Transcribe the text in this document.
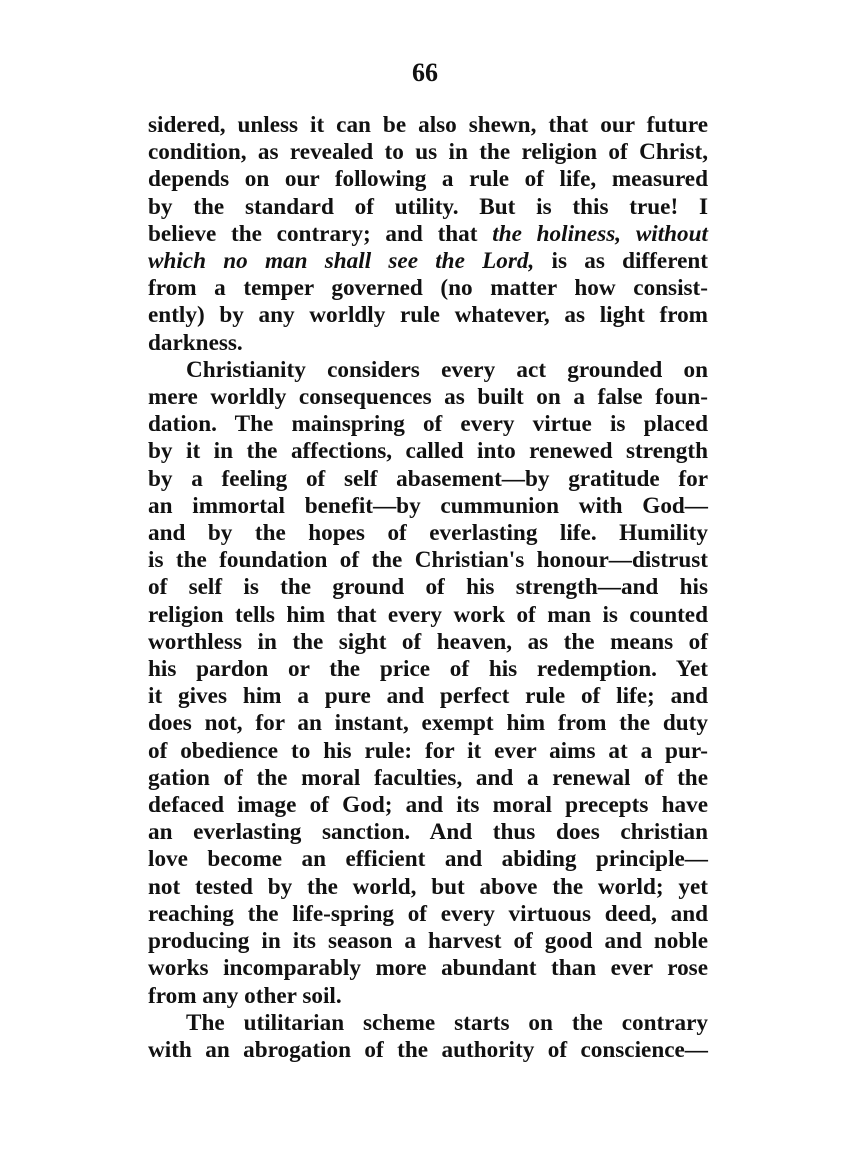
66

sidered, unless it can be also shewn, that our future
condition, as revealed to us in the religion of Christ,
depends on our following a rule of life, measured
by the standard of utility. But is this true! I
believe the contrary; and that the holiness, without
which no man shall see the Lord, is as different
from a temper governed (no matter how consist-
ently) by any worldly rule whatever, as light from
darkness.

Christianity considers every act grounded on
mere worldly consequences as built on a false foun-
dation. The mainspring of every virtue is placed
by it in the affections, called into renewed strength
by a feeling of self abasement—by gratitude for
an immortal benefit—by cummunion with God—
and by the hopes of everlasting life. Humility
is the foundation of the Christian's honour—distrust
of self is the ground of his strength—and his
religion tells him that every work of man is counted
worthless in the sight of heaven, as the means of
his pardon or the price of his redemption. Yet
it gives him a pure and perfect rule of life; and
does not, for an instant, exempt him from the duty
of obedience to his rule: for it ever aims at a pur-
gation of the moral faculties, and a renewal of the
defaced image of God; and its moral precepts have
an everlasting sanction. And thus does christian
love become an efficient and abiding principle—
not tested by the world, but above the world; yet
reaching the life-spring of every virtuous deed, and
producing in its season a harvest of good and noble
works incomparably more abundant than ever rose
from any other soil.

The utilitarian scheme starts on the contrary
with an abrogation of the authority of conscience—
